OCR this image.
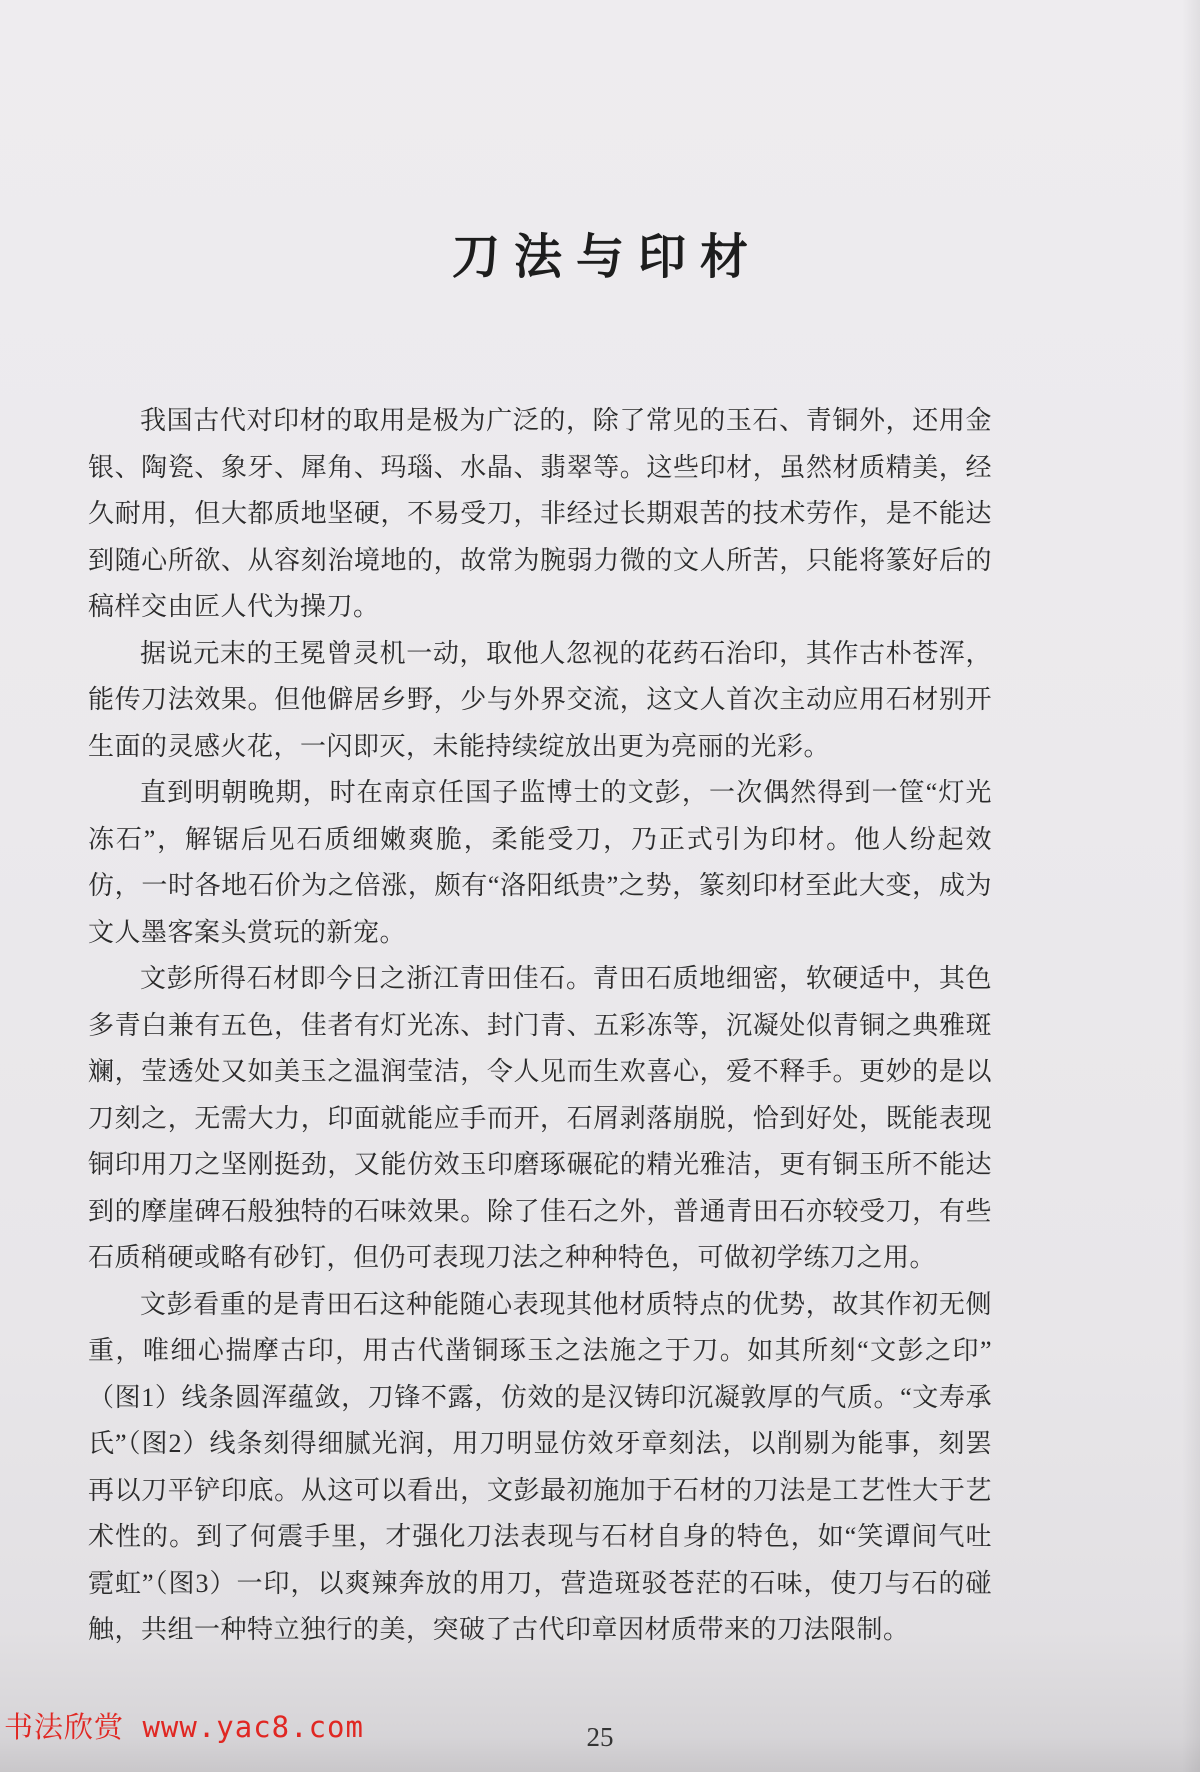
刀法与印材

我国古代对印材的取用是极为广泛的，除了常见的玉石、青铜外，还用金银、陶瓷、象牙、犀角、玛瑙、水晶、翡翠等。这些印材，虽然材质精美，经久耐用，但大都质地坚硬，不易受刀，非经过长期艰苦的技术劳作，是不能达到随心所欲、从容刻治境地的，故常为腕弱力微的文人所苦，只能将篆好后的稿样交由匠人代为操刀。

据说元末的王冕曾灵机一动，取他人忽视的花药石治印，其作古朴苍浑，能传刀法效果。但他僻居乡野，少与外界交流，这文人首次主动应用石材别开生面的灵感火花，一闪即灭，未能持续绽放出更为亮丽的光彩。

直到明朝晚期，时在南京任国子监博士的文彭，一次偶然得到一筐“灯光冻石”，解锯后见石质细嫩爽脆，柔能受刀，乃正式引为印材。他人纷起效仿，一时各地石价为之倍涨，颇有“洛阳纸贵”之势，篆刻印材至此大变，成为文人墨客案头赏玩的新宠。

文彭所得石材即今日之浙江青田佳石。青田石质地细密，软硬适中，其色多青白兼有五色，佳者有灯光冻、封门青、五彩冻等，沉凝处似青铜之典雅斑斓，莹透处又如美玉之温润莹洁，令人见而生欢喜心，爱不释手。更妙的是以刀刻之，无需大力，印面就能应手而开，石屑剥落崩脱，恰到好处，既能表现铜印用刀之坚刚挺劲，又能仿效玉印磨琢碾砣的精光雅洁，更有铜玉所不能达到的摩崖碑石般独特的石味效果。除了佳石之外，普通青田石亦较受刀，有些石质稍硬或略有砂钉，但仍可表现刀法之种种特色，可做初学练刀之用。

文彭看重的是青田石这种能随心表现其他材质特点的优势，故其作初无侧重，唯细心揣摩古印，用古代凿铜琢玉之法施之于刀。如其所刻“文彭之印”（图1）线条圆浑蕴敛，刀锋不露，仿效的是汉铸印沉凝敦厚的气质。“文寿承氏”（图2）线条刻得细腻光润，用刀明显仿效牙章刻法，以削剔为能事，刻罢再以刀平铲印底。从这可以看出，文彭最初施加于石材的刀法是工艺性大于艺术性的。到了何震手里，才强化刀法表现与石材自身的特色，如“笑谭间气吐霓虹”（图3）一印，以爽辣奔放的用刀，营造斑驳苍茫的石味，使刀与石的碰触，共组一种特立独行的美，突破了古代印章因材质带来的刀法限制。

书法欣赏 www.yac8.com	25
